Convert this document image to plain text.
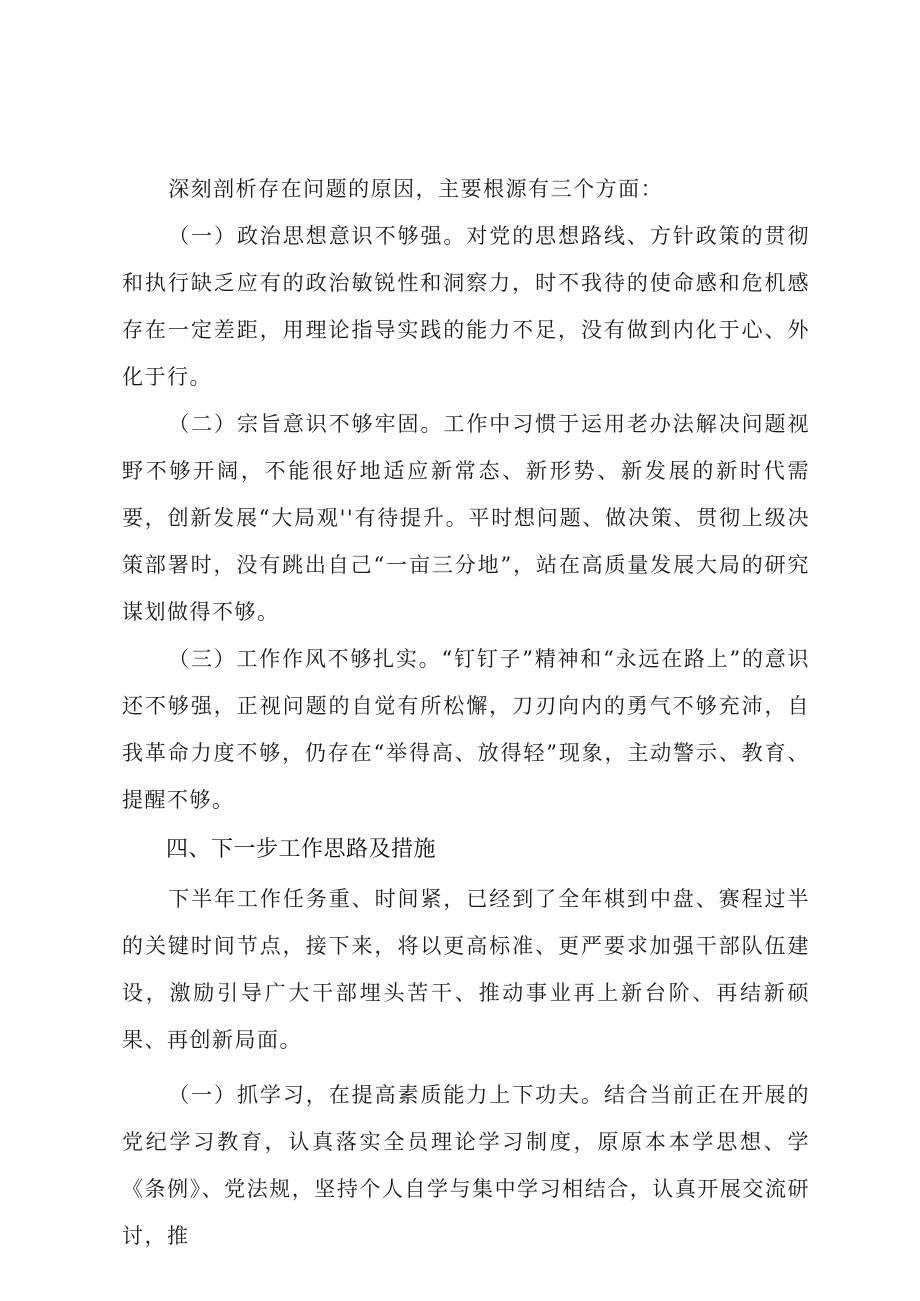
深刻剖析存在问题的原因，主要根源有三个方面：

（一）政治思想意识不够强。对党的思想路线、方针政策的贯彻和执行缺乏应有的政治敏锐性和洞察力，时不我待的使命感和危机感存在一定差距，用理论指导实践的能力不足，没有做到内化于心、外化于行。

（二）宗旨意识不够牢固。工作中习惯于运用老办法解决问题视野不够开阔，不能很好地适应新常态、新形势、新发展的新时代需要，创新发展“大局观''有待提升。平时想问题、做决策、贯彻上级决策部署时，没有跳出自己“一亩三分地”，站在高质量发展大局的研究谋划做得不够。

（三）工作作风不够扎实。“钉钉子”精神和“永远在路上”的意识还不够强，正视问题的自觉有所松懈，刀刃向内的勇气不够充沛，自我革命力度不够，仍存在“举得高、放得轻”现象，主动警示、教育、提醒不够。

四、下一步工作思路及措施

下半年工作任务重、时间紧，已经到了全年棋到中盘、赛程过半的关键时间节点，接下来，将以更高标准、更严要求加强干部队伍建设，激励引导广大干部埋头苦干、推动事业再上新台阶、再结新硕果、再创新局面。

（一）抓学习，在提高素质能力上下功夫。结合当前正在开展的党纪学习教育，认真落实全员理论学习制度，原原本本学思想、学《条例》、党法规，坚持个人自学与集中学习相结合，认真开展交流研讨，推
